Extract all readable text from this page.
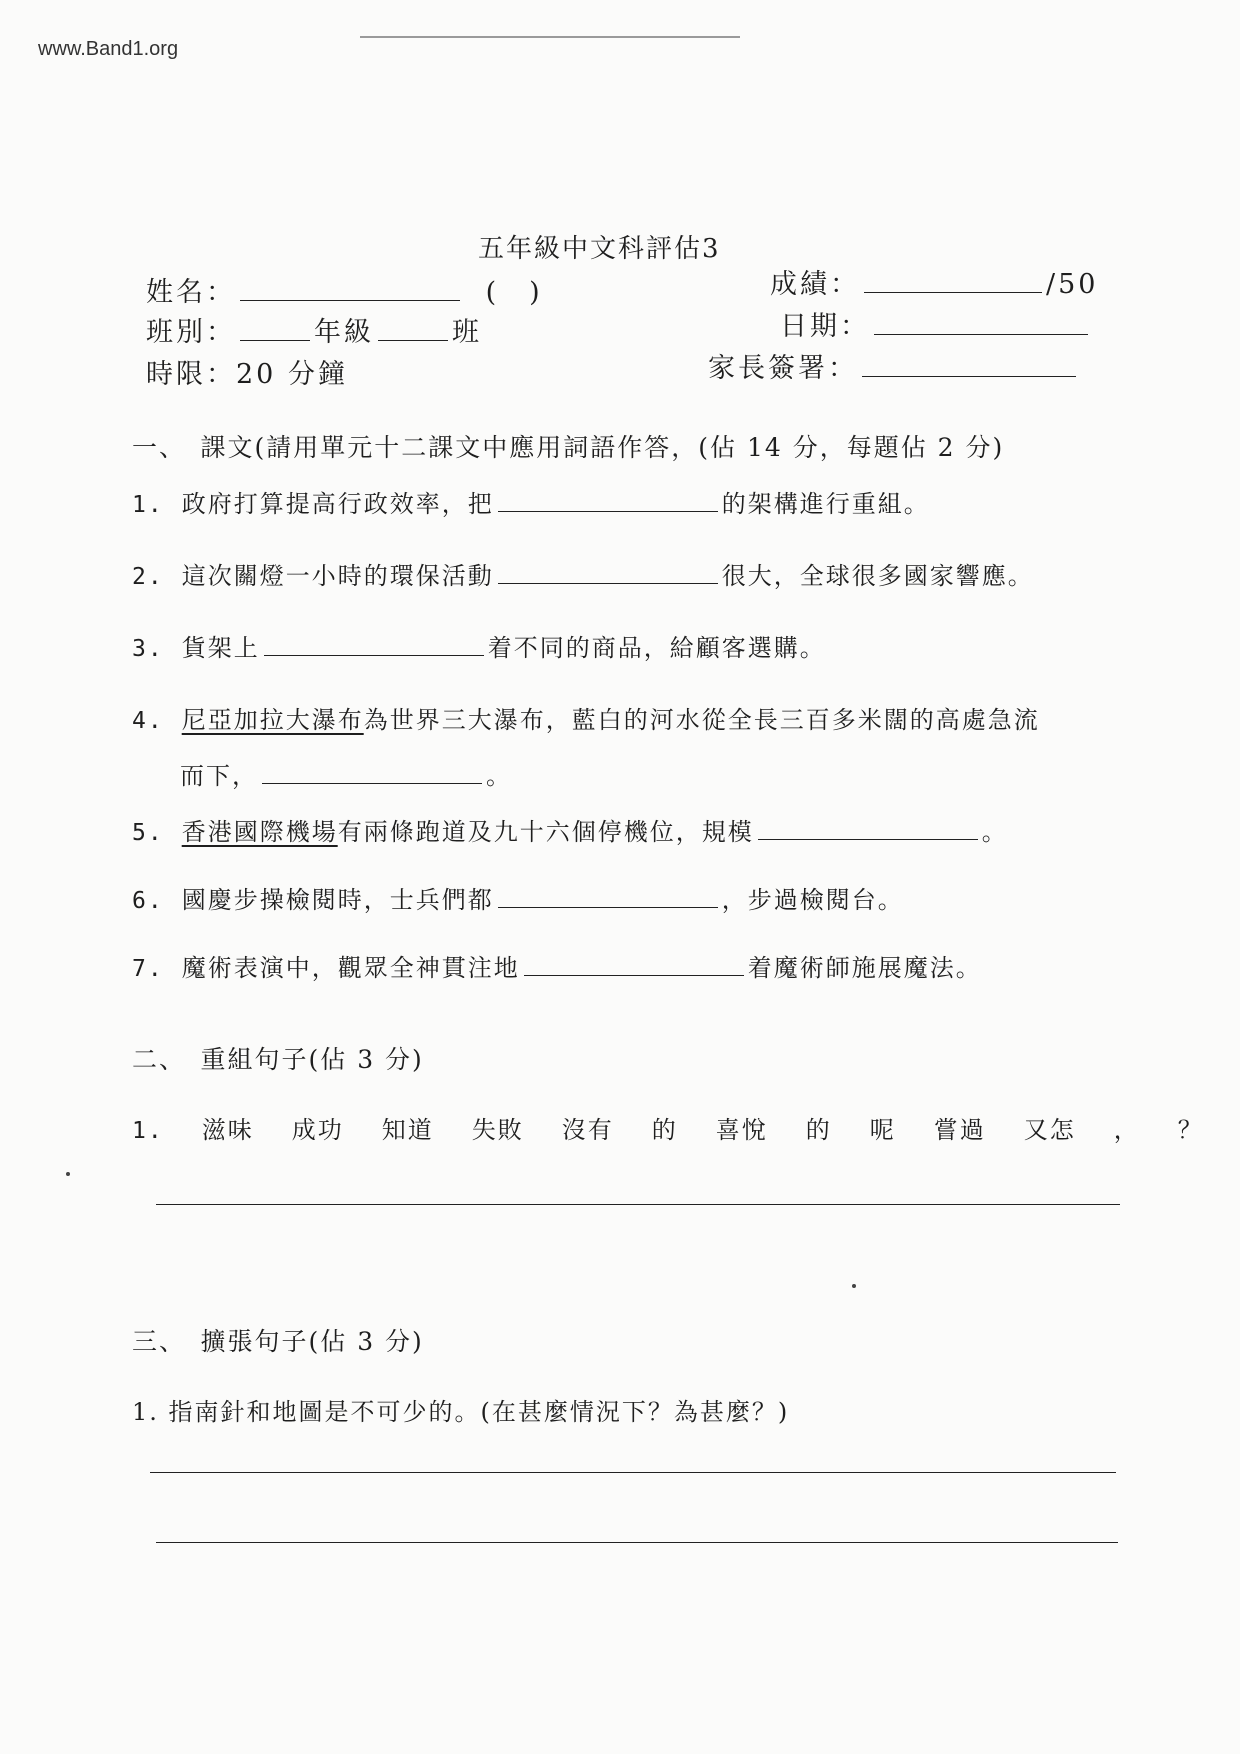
www.Band1.org
五年級中文科評估3
姓名：	(　)	成績：	/50
班別：	年級	班	日期：
時限：20 分鐘	家長簽署：
一、　課文(請用單元十二課文中應用詞語作答，(佔 14 分，每題佔 2 分)
1. 政府打算提高行政效率，把	的架構進行重組。
2. 這次關燈一小時的環保活動	很大，全球很多國家響應。
3. 貨架上	着不同的商品，給顧客選購。
4. 尼亞加拉大瀑布為世界三大瀑布，藍白的河水從全長三百多米闊的高處急流
而下，	。
5. 香港國際機場有兩條跑道及九十六個停機位，規模	。
6. 國慶步操檢閱時，士兵們都	，步過檢閱台。
7. 魔術表演中，觀眾全神貫注地	着魔術師施展魔法。
二、　重組句子(佔 3 分)
1. 滋味 成功 知道 失敗 沒有 的 喜悅 的 呢 嘗過 又怎 ， ？
三、　擴張句子(佔 3 分)
1. 指南針和地圖是不可少的。(在甚麼情況下？為甚麼？)
